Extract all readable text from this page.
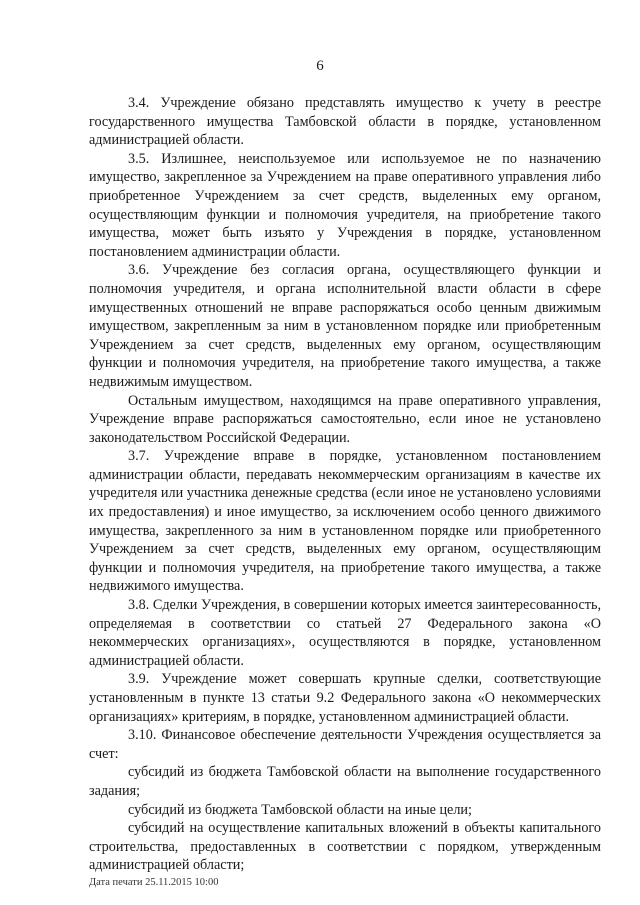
6

3.4. Учреждение обязано представлять имущество к учету в реестре государственного имущества Тамбовской области в порядке, установленном администрацией области.

3.5. Излишнее, неиспользуемое или используемое не по назначению имущество, закрепленное за Учреждением на праве оперативного управления либо приобретенное Учреждением за счет средств, выделенных ему органом, осуществляющим функции и полномочия учредителя, на приобретение такого имущества, может быть изъято у Учреждения в порядке, установленном постановлением администрации области.

3.6. Учреждение без согласия органа, осуществляющего функции и полномочия учредителя, и органа исполнительной власти области в сфере имущественных отношений не вправе распоряжаться особо ценным движимым имуществом, закрепленным за ним в установленном порядке или приобретенным Учреждением за счет средств, выделенных ему органом, осуществляющим функции и полномочия учредителя, на приобретение такого имущества, а также недвижимым имуществом.

Остальным имуществом, находящимся на праве оперативного управления, Учреждение вправе распоряжаться самостоятельно, если иное не установлено законодательством Российской Федерации.

3.7. Учреждение вправе в порядке, установленном постановлением администрации области, передавать некоммерческим организациям в качестве их учредителя или участника денежные средства (если иное не установлено условиями их предоставления) и иное имущество, за исключением особо ценного движимого имущества, закрепленного за ним в установленном порядке или приобретенного Учреждением за счет средств, выделенных ему органом, осуществляющим функции и полномочия учредителя, на приобретение такого имущества, а также недвижимого имущества.

3.8. Сделки Учреждения, в совершении которых имеется заинтересованность, определяемая в соответствии со статьей 27 Федерального закона «О некоммерческих организациях», осуществляются в порядке, установленном администрацией области.

3.9. Учреждение может совершать крупные сделки, соответствующие установленным в пункте 13 статьи 9.2 Федерального закона «О некоммерческих организациях» критериям, в порядке, установленном администрацией области.

3.10. Финансовое обеспечение деятельности Учреждения осуществляется за счет:

субсидий из бюджета Тамбовской области на выполнение государственного задания;

субсидий из бюджета Тамбовской области на иные цели;

субсидий на осуществление капитальных вложений в объекты капитального строительства, предоставленных в соответствии с порядком, утвержденным администрацией области;

Дата печати 25.11.2015 10:00
